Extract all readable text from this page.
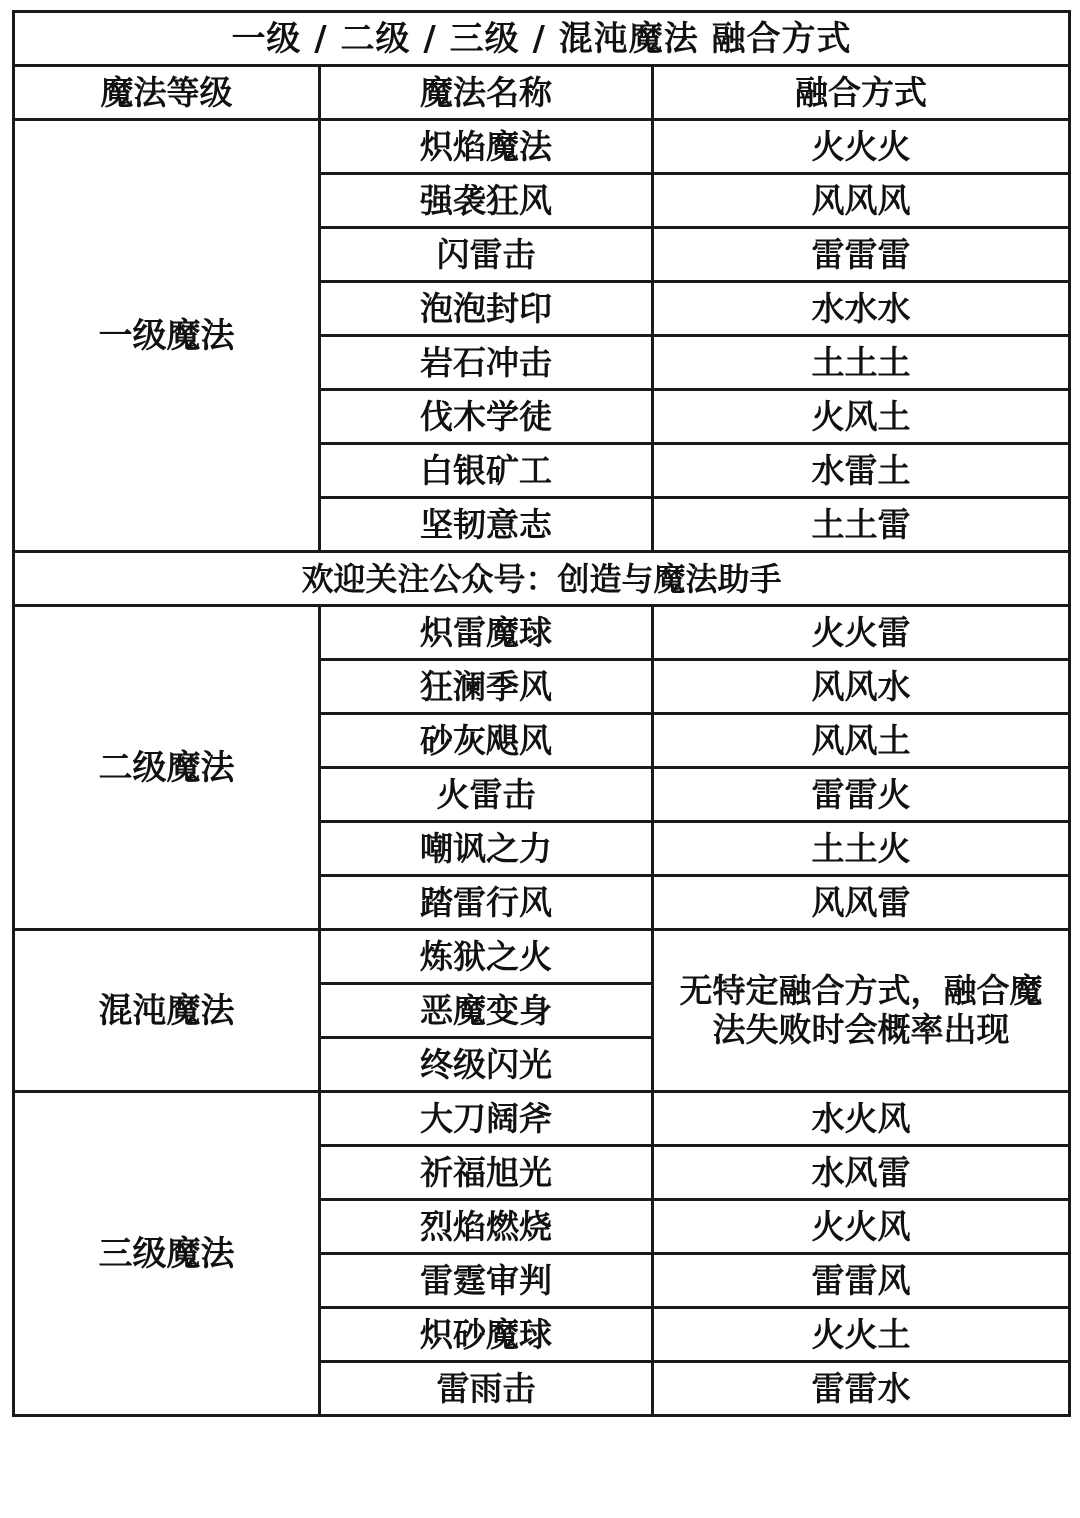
一级 / 二级 / 三级 / 混沌魔法 融合方式		
魔法等级	魔法名称	融合方式
一级魔法	炽焰魔法	火火火
	强袭狂风	风风风
	闪雷击	雷雷雷
	泡泡封印	水水水
	岩石冲击	土土土
	伐木学徒	火风土
	白银矿工	水雷土
	坚韧意志	土土雷
欢迎关注公众号：创造与魔法助手		
二级魔法	炽雷魔球	火火雷
	狂澜季风	风风水
	砂灰飓风	风风土
	火雷击	雷雷火
	嘲讽之力	土土火
	踏雷行风	风风雷
混沌魔法	炼狱之火	无特定融合方式，融合魔法失败时会概率出现
	恶魔变身	
	终级闪光	
三级魔法	大刀阔斧	水火风
	祈福旭光	水风雷
	烈焰燃烧	火火风
	雷霆审判	雷雷风
	炽砂魔球	火火土
	雷雨击	雷雷水
